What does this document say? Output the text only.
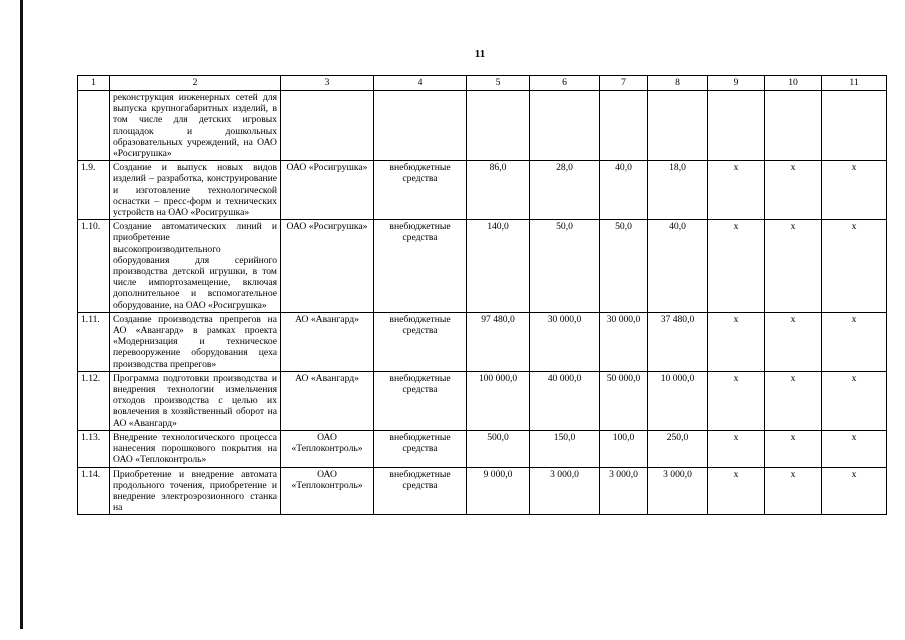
11
1	2	3	4	5	6	7	8	9	10	11
	реконструкция инженерных сетей для выпуска крупногабаритных изделий, в том числе для детских игровых площадок и дошкольных образовательных учреждений, на ОАО «Росигрушка»									
1.9.	Создание и выпуск новых видов изделий – разработка, конструирование и изготовление технологической оснастки – пресс-форм и технических устройств на ОАО «Росигрушка»	ОАО «Росигрушка»	внебюджетные средства	86,0	28,0	40,0	18,0	х	х	х
1.10.	Создание автоматических линий и приобретение высокопроизводительного оборудования для серийного производства детской игрушки, в том числе импортозамещение, включая дополнительное и вспомогательное оборудование, на ОАО «Росигрушка»	ОАО «Росигрушка»	внебюджетные средства	140,0	50,0	50,0	40,0	х	х	х
1.11.	Создание производства препрегов на АО «Авангард» в рамках проекта «Модернизация и техническое перевооружение оборудования цеха производства препрегов»	АО «Авангард»	внебюджетные средства	97 480,0	30 000,0	30 000,0	37 480,0	х	х	х
1.12.	Программа подготовки производства и внедрения технологии измельчения отходов производства с целью их вовлечения в хозяйственный оборот на АО «Авангард»	АО «Авангард»	внебюджетные средства	100 000,0	40 000,0	50 000,0	10 000,0	х	х	х
1.13.	Внедрение технологического процесса нанесения порошкового покрытия на ОАО «Теплоконтроль»	ОАО «Теплоконтроль»	внебюджетные средства	500,0	150,0	100,0	250,0	х	х	х
1.14.	Приобретение и внедрение автомата продольного точения, приобретение и внедрение электроэрозионного станка на	ОАО «Теплоконтроль»	внебюджетные средства	9 000,0	3 000,0	3 000,0	3 000,0	х	х	х
